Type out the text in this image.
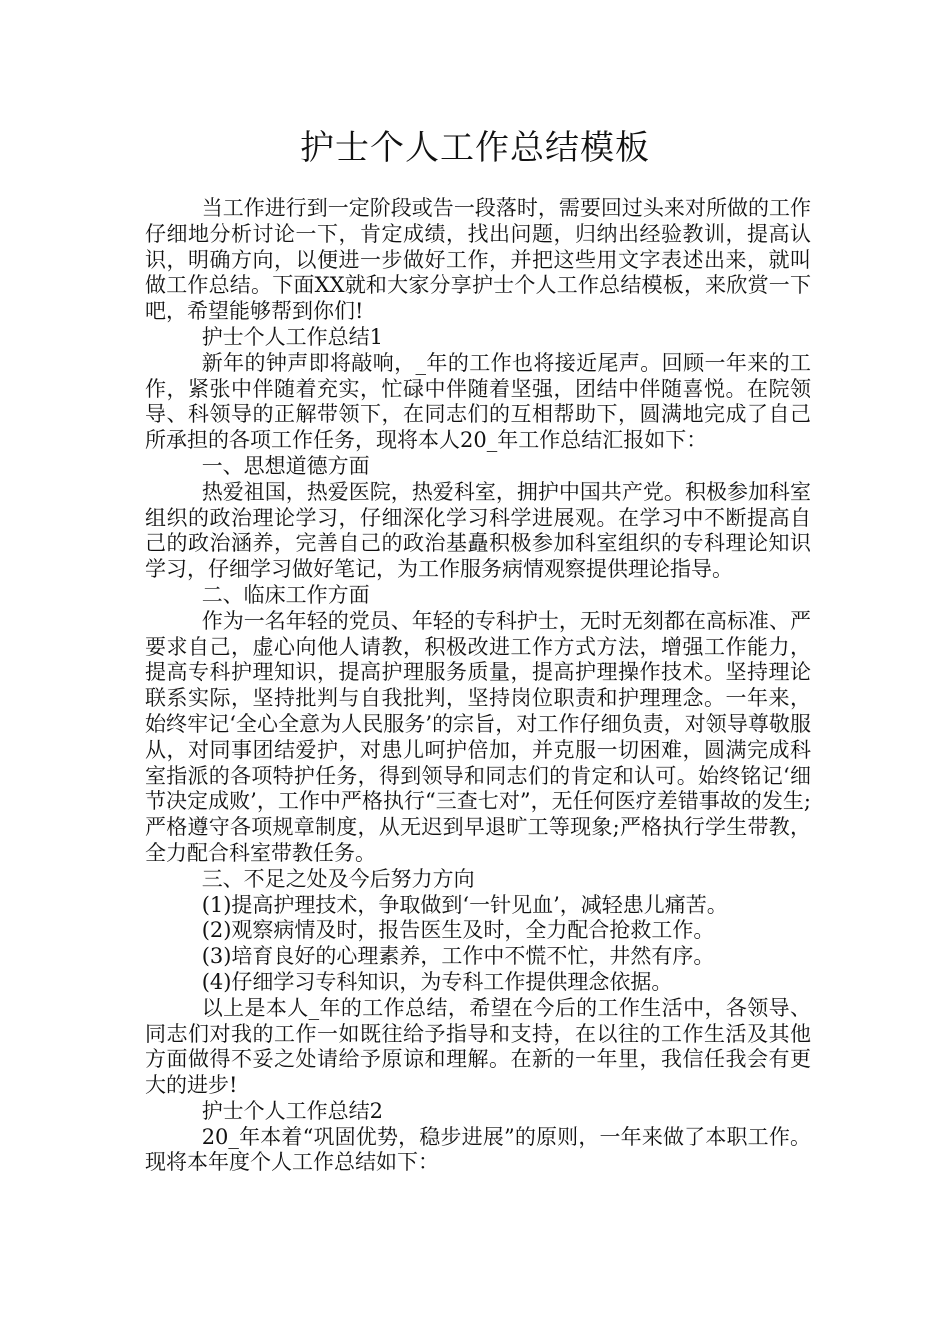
护士个人工作总结模板

当工作进行到一定阶段或告一段落时，需要回过头来对所做的工作仔细地分析讨论一下，肯定成绩，找出问题，归纳出经验教训，提高认识，明确方向，以便进一步做好工作，并把这些用文字表述出来，就叫做工作总结。下面XX就和大家分享护士个人工作总结模板，来欣赏一下吧，希望能够帮到你们!

护士个人工作总结1

新年的钟声即将敲响，_年的工作也将接近尾声。回顾一年来的工作，紧张中伴随着充实，忙碌中伴随着坚强，团结中伴随喜悦。在院领导、科领导的正解带领下，在同志们的互相帮助下，圆满地完成了自己所承担的各项工作任务，现将本人20_年工作总结汇报如下：

一、思想道德方面

热爱祖国，热爱医院，热爱科室，拥护中国共产党。积极参加科室组织的政治理论学习，仔细深化学习科学进展观。在学习中不断提高自己的政治涵养，完善自己的政治基矗积极参加科室组织的专科理论知识学习，仔细学习做好笔记，为工作服务病情观察提供理论指导。

二、临床工作方面

作为一名年轻的党员、年轻的专科护士，无时无刻都在高标准、严要求自己，虚心向他人请教，积极改进工作方式方法，增强工作能力，提高专科护理知识，提高护理服务质量，提高护理操作技术。坚持理论联系实际，坚持批判与自我批判，坚持岗位职责和护理理念。一年来，始终牢记‘全心全意为人民服务’的宗旨，对工作仔细负责，对领导尊敬服从，对同事团结爱护，对患儿呵护倍加，并克服一切困难，圆满完成科室指派的各项特护任务，得到领导和同志们的肯定和认可。始终铭记‘细节决定成败’，工作中严格执行“三查七对”，无任何医疗差错事故的发生;严格遵守各项规章制度，从无迟到早退旷工等现象;严格执行学生带教，全力配合科室带教任务。

三、不足之处及今后努力方向

(1)提高护理技术，争取做到‘一针见血’，减轻患儿痛苦。

(2)观察病情及时，报告医生及时，全力配合抢救工作。

(3)培育良好的心理素养，工作中不慌不忙，井然有序。

(4)仔细学习专科知识，为专科工作提供理念依据。

以上是本人_年的工作总结，希望在今后的工作生活中，各领导、同志们对我的工作一如既往给予指导和支持，在以往的工作生活及其他方面做得不妥之处请给予原谅和理解。在新的一年里，我信任我会有更大的进步!

护士个人工作总结2

20_年本着“巩固优势，稳步进展”的原则，一年来做了本职工作。现将本年度个人工作总结如下：
